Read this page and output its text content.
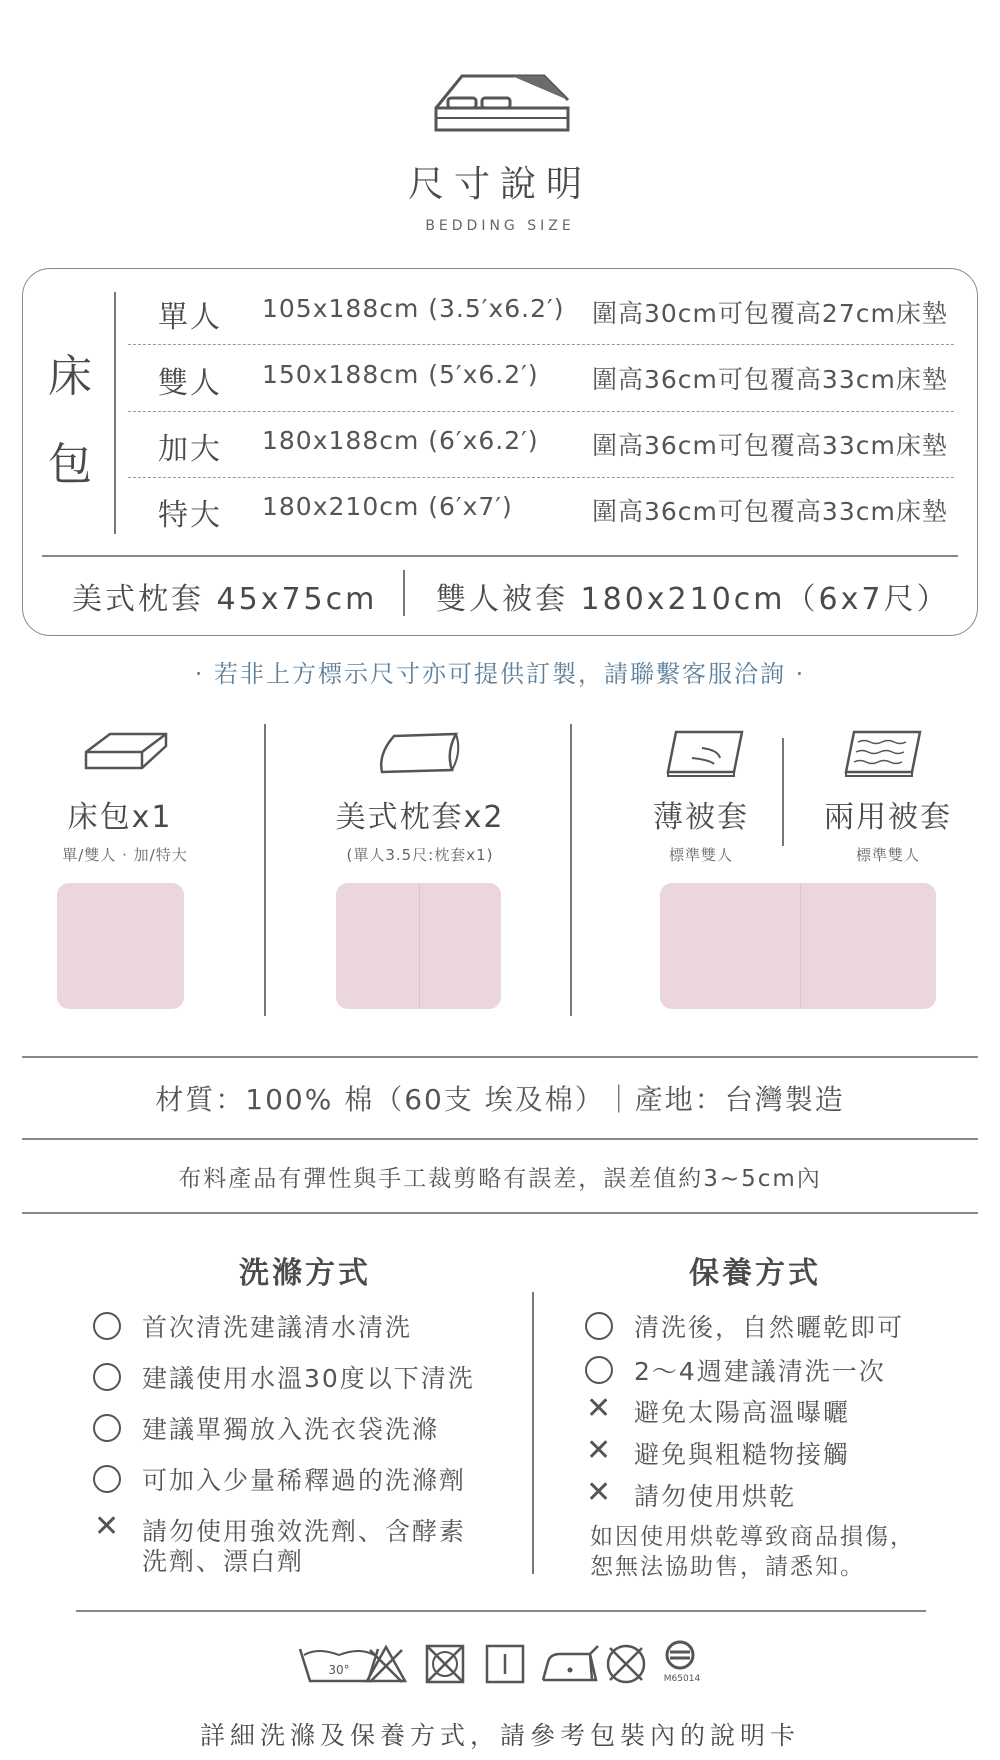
尺寸說明
BEDDING SIZE
床
包
單人 105x188cm (3.5′x6.2′) 圍高30cm可包覆高27cm床墊
雙人 150x188cm (5′x6.2′) 圍高36cm可包覆高33cm床墊
加大 180x188cm (6′x6.2′) 圍高36cm可包覆高33cm床墊
特大 180x210cm (6′x7′)	圍高36cm可包覆高33cm床墊
美式枕套 45x75cm 雙人被套 180x210cm（6x7尺）
· 若非上方標示尺寸亦可提供訂製，請聯繫客服洽詢 ·
床包x1
單/雙人 · 加/特大
美式枕套x2
(單人3.5尺:枕套x1)
薄被套
標準雙人
兩用被套
標準雙人
材質：100% 棉（60支 埃及棉）｜產地：台灣製造
布料產品有彈性與手工裁剪略有誤差，誤差值約3~5cm內
洗滌方式	保養方式
首次清洗建議清水清洗
建議使用水溫30度以下清洗
建議單獨放入洗衣袋洗滌
可加入少量稀釋過的洗滌劑
✕ 請勿使用強效洗劑、含酵素
洗劑、漂白劑
清洗後，自然曬乾即可
2～4週建議清洗一次
✕ 避免太陽高溫曝曬
✕ 避免與粗糙物接觸
✕ 請勿使用烘乾
如因使用烘乾導致商品損傷，
恕無法協助售，請悉知。
30°
M65014
詳細洗滌及保養方式，請參考包裝內的說明卡
